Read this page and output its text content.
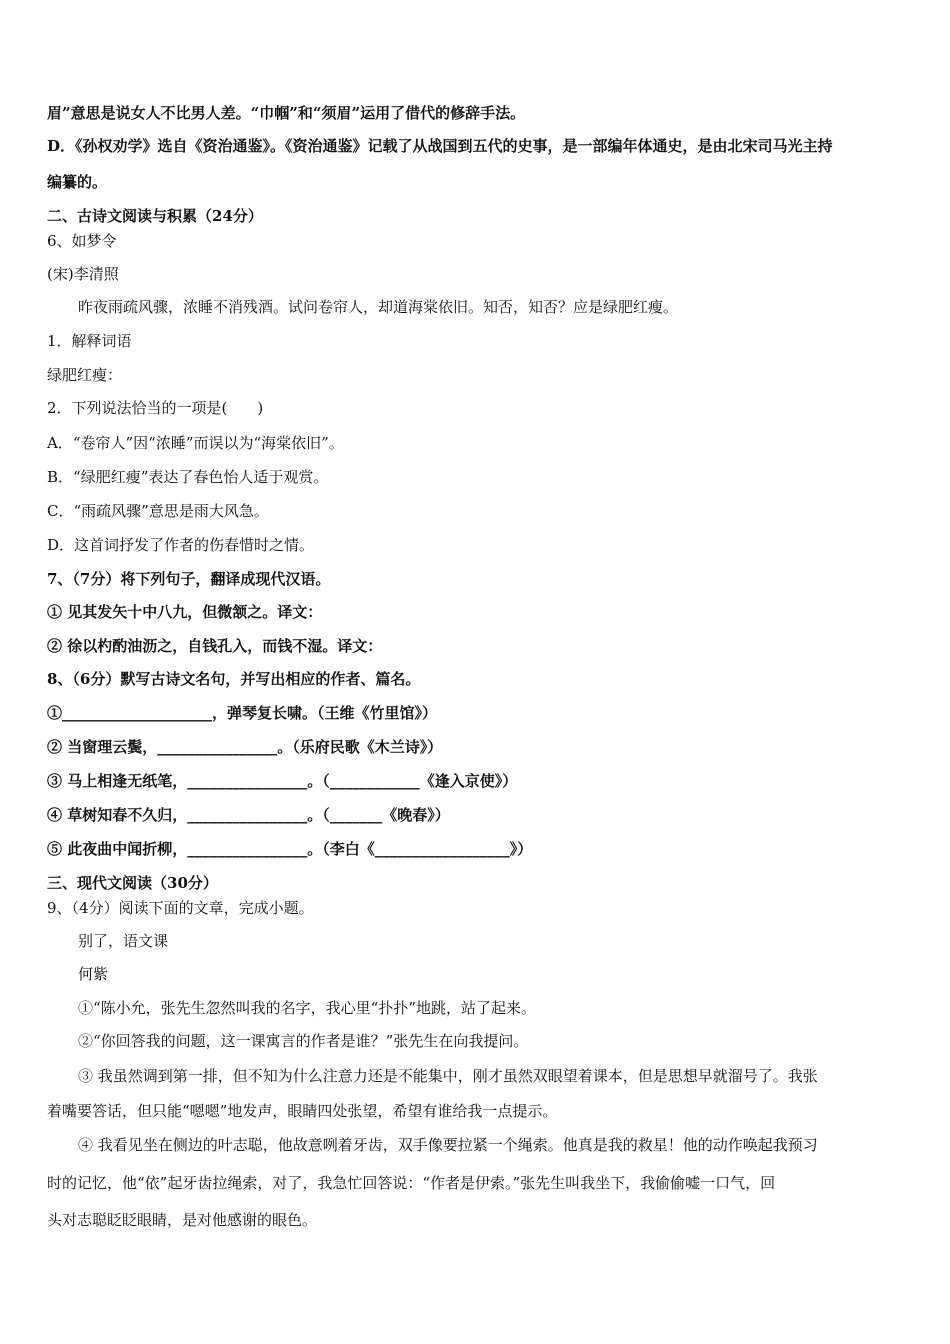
眉”意思是说女人不比男人差。“巾帼”和“须眉”运用了借代的修辞手法。
D．《孙权劝学》选自《资治通鉴》。《资治通鉴》记载了从战国到五代的史事，是一部编年体通史，是由北宋司马光主持
编纂的。
二、古诗文阅读与积累（24分）
6、如梦令
(宋)李清照
昨夜雨疏风骤，浓睡不消残酒。试问卷帘人，却道海棠依旧。知否，知否？应是绿肥红瘦。
1．解释词语
绿肥红瘦：
2．下列说法恰当的一项是(　　)
A．“卷帘人”因“浓睡”而误以为“海棠依旧”。
B．“绿肥红瘦”表达了春色怡人适于观赏。
C．“雨疏风骤”意思是雨大风急。
D．这首词抒发了作者的伤春惜时之情。
7、（7分）将下列句子，翻译成现代汉语。
① 见其发矢十中八九，但微颔之。译文：
② 徐以杓酌油沥之，自钱孔入，而钱不湿。译文：
8、（6分）默写古诗文名句，并写出相应的作者、篇名。
①____________________，弹琴复长啸。（王维《竹里馆》）
② 当窗理云鬓，________________。（乐府民歌《木兰诗》）
③ 马上相逢无纸笔，________________。（____________《逢入京使》）
④ 草树知春不久归，________________。（_______《晚春》）
⑤ 此夜曲中闻折柳，________________。（李白《__________________》）
三、现代文阅读（30分）
9、（4分）阅读下面的文章，完成小题。
别了，语文课
何紫
①“陈小允，张先生忽然叫我的名字，我心里“扑扑”地跳，站了起来。
②“你回答我的问题，这一课寓言的作者是谁？”张先生在向我提问。
③ 我虽然调到第一排，但不知为什么注意力还是不能集中，刚才虽然双眼望着课本，但是思想早就溜号了。我张
着嘴要答话，但只能“嗯嗯”地发声，眼睛四处张望，希望有谁给我一点提示。
④ 我看见坐在侧边的叶志聪，他故意咧着牙齿，双手像要拉紧一个绳索。他真是我的救星！他的动作唤起我预习
时的记忆，他“依”起牙齿拉绳索，对了，我急忙回答说：“作者是伊索。”张先生叫我坐下，我偷偷嘘一口气，回
头对志聪眨眨眼睛，是对他感谢的眼色。
